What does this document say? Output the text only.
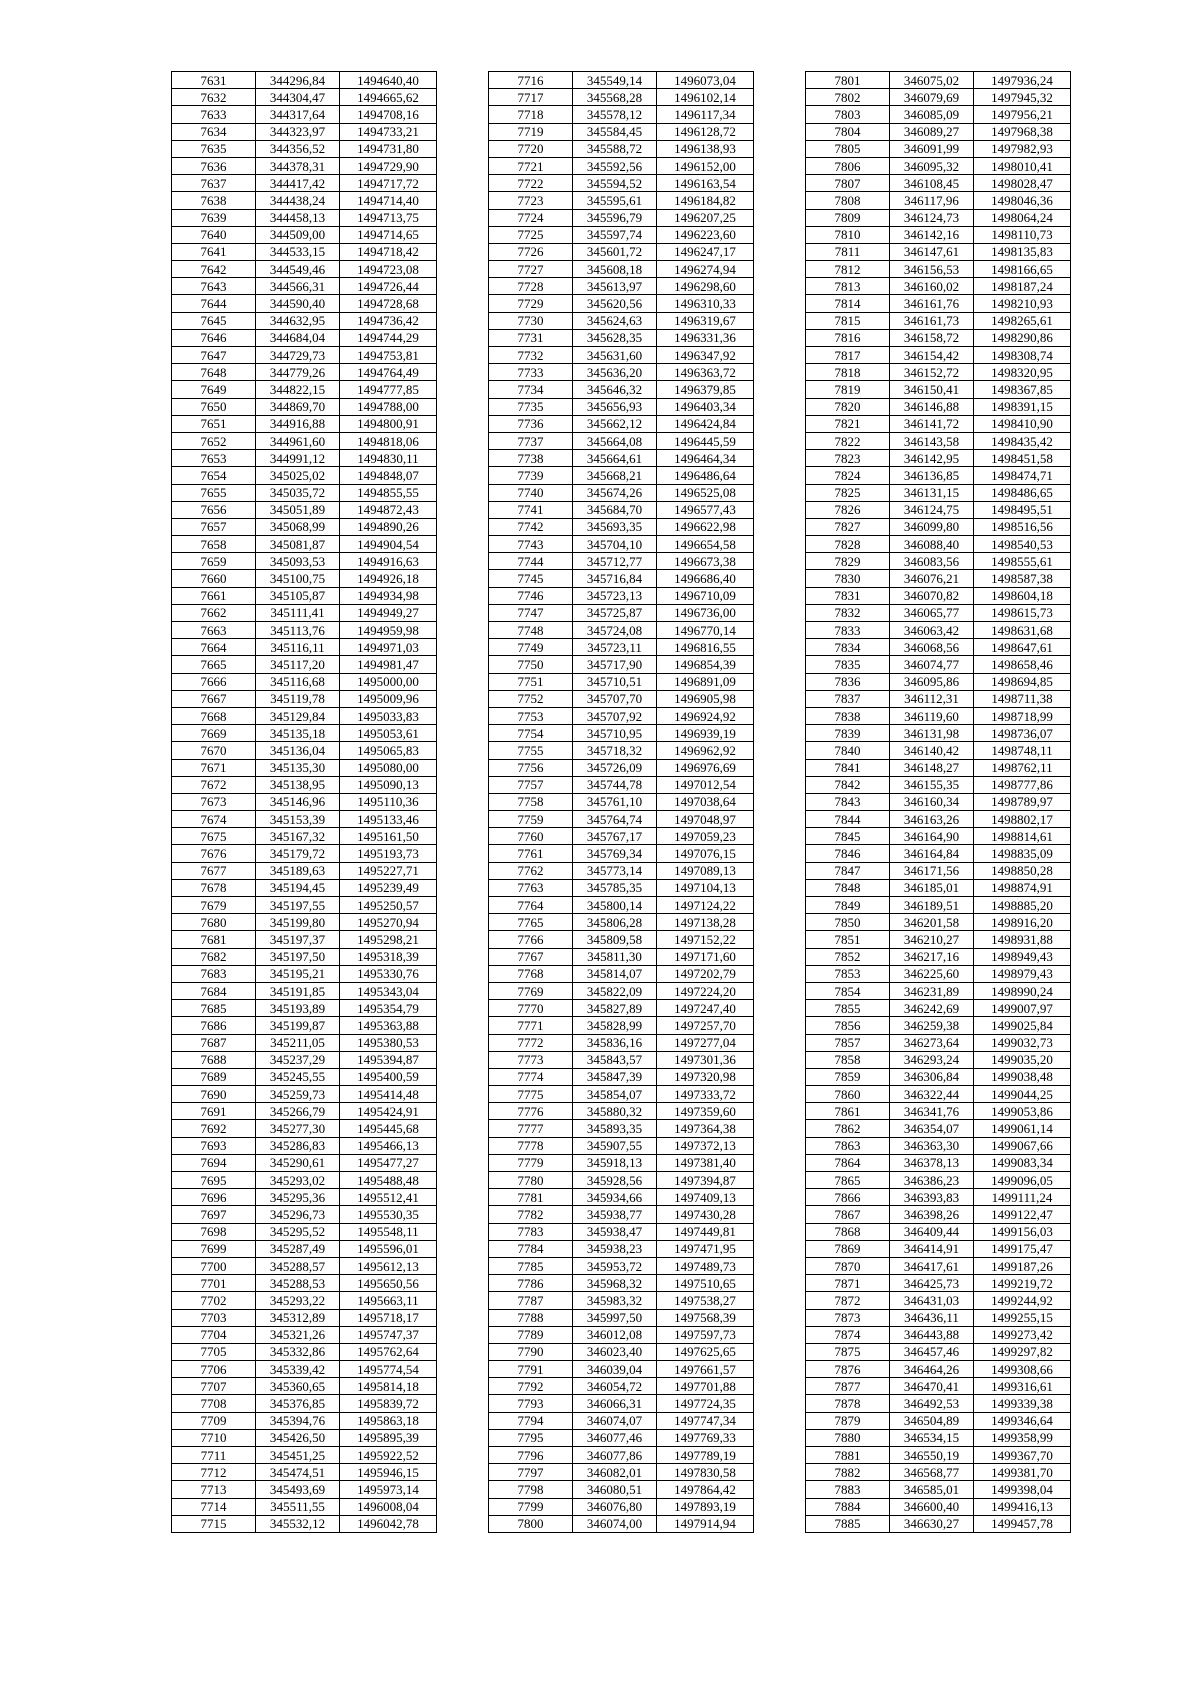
7631	344296,84	1494640,40
7632	344304,47	1494665,62
7633	344317,64	1494708,16
7634	344323,97	1494733,21
7635	344356,52	1494731,80
7636	344378,31	1494729,90
7637	344417,42	1494717,72
7638	344438,24	1494714,40
7639	344458,13	1494713,75
7640	344509,00	1494714,65
7641	344533,15	1494718,42
7642	344549,46	1494723,08
7643	344566,31	1494726,44
7644	344590,40	1494728,68
7645	344632,95	1494736,42
7646	344684,04	1494744,29
7647	344729,73	1494753,81
7648	344779,26	1494764,49
7649	344822,15	1494777,85
7650	344869,70	1494788,00
7651	344916,88	1494800,91
7652	344961,60	1494818,06
7653	344991,12	1494830,11
7654	345025,02	1494848,07
7655	345035,72	1494855,55
7656	345051,89	1494872,43
7657	345068,99	1494890,26
7658	345081,87	1494904,54
7659	345093,53	1494916,63
7660	345100,75	1494926,18
7661	345105,87	1494934,98
7662	345111,41	1494949,27
7663	345113,76	1494959,98
7664	345116,11	1494971,03
7665	345117,20	1494981,47
7666	345116,68	1495000,00
7667	345119,78	1495009,96
7668	345129,84	1495033,83
7669	345135,18	1495053,61
7670	345136,04	1495065,83
7671	345135,30	1495080,00
7672	345138,95	1495090,13
7673	345146,96	1495110,36
7674	345153,39	1495133,46
7675	345167,32	1495161,50
7676	345179,72	1495193,73
7677	345189,63	1495227,71
7678	345194,45	1495239,49
7679	345197,55	1495250,57
7680	345199,80	1495270,94
7681	345197,37	1495298,21
7682	345197,50	1495318,39
7683	345195,21	1495330,76
7684	345191,85	1495343,04
7685	345193,89	1495354,79
7686	345199,87	1495363,88
7687	345211,05	1495380,53
7688	345237,29	1495394,87
7689	345245,55	1495400,59
7690	345259,73	1495414,48
7691	345266,79	1495424,91
7692	345277,30	1495445,68
7693	345286,83	1495466,13
7694	345290,61	1495477,27
7695	345293,02	1495488,48
7696	345295,36	1495512,41
7697	345296,73	1495530,35
7698	345295,52	1495548,11
7699	345287,49	1495596,01
7700	345288,57	1495612,13
7701	345288,53	1495650,56
7702	345293,22	1495663,11
7703	345312,89	1495718,17
7704	345321,26	1495747,37
7705	345332,86	1495762,64
7706	345339,42	1495774,54
7707	345360,65	1495814,18
7708	345376,85	1495839,72
7709	345394,76	1495863,18
7710	345426,50	1495895,39
7711	345451,25	1495922,52
7712	345474,51	1495946,15
7713	345493,69	1495973,14
7714	345511,55	1496008,04
7715	345532,12	1496042,78
7716	345549,14	1496073,04
7717	345568,28	1496102,14
7718	345578,12	1496117,34
7719	345584,45	1496128,72
7720	345588,72	1496138,93
7721	345592,56	1496152,00
7722	345594,52	1496163,54
7723	345595,61	1496184,82
7724	345596,79	1496207,25
7725	345597,74	1496223,60
7726	345601,72	1496247,17
7727	345608,18	1496274,94
7728	345613,97	1496298,60
7729	345620,56	1496310,33
7730	345624,63	1496319,67
7731	345628,35	1496331,36
7732	345631,60	1496347,92
7733	345636,20	1496363,72
7734	345646,32	1496379,85
7735	345656,93	1496403,34
7736	345662,12	1496424,84
7737	345664,08	1496445,59
7738	345664,61	1496464,34
7739	345668,21	1496486,64
7740	345674,26	1496525,08
7741	345684,70	1496577,43
7742	345693,35	1496622,98
7743	345704,10	1496654,58
7744	345712,77	1496673,38
7745	345716,84	1496686,40
7746	345723,13	1496710,09
7747	345725,87	1496736,00
7748	345724,08	1496770,14
7749	345723,11	1496816,55
7750	345717,90	1496854,39
7751	345710,51	1496891,09
7752	345707,70	1496905,98
7753	345707,92	1496924,92
7754	345710,95	1496939,19
7755	345718,32	1496962,92
7756	345726,09	1496976,69
7757	345744,78	1497012,54
7758	345761,10	1497038,64
7759	345764,74	1497048,97
7760	345767,17	1497059,23
7761	345769,34	1497076,15
7762	345773,14	1497089,13
7763	345785,35	1497104,13
7764	345800,14	1497124,22
7765	345806,28	1497138,28
7766	345809,58	1497152,22
7767	345811,30	1497171,60
7768	345814,07	1497202,79
7769	345822,09	1497224,20
7770	345827,89	1497247,40
7771	345828,99	1497257,70
7772	345836,16	1497277,04
7773	345843,57	1497301,36
7774	345847,39	1497320,98
7775	345854,07	1497333,72
7776	345880,32	1497359,60
7777	345893,35	1497364,38
7778	345907,55	1497372,13
7779	345918,13	1497381,40
7780	345928,56	1497394,87
7781	345934,66	1497409,13
7782	345938,77	1497430,28
7783	345938,47	1497449,81
7784	345938,23	1497471,95
7785	345953,72	1497489,73
7786	345968,32	1497510,65
7787	345983,32	1497538,27
7788	345997,50	1497568,39
7789	346012,08	1497597,73
7790	346023,40	1497625,65
7791	346039,04	1497661,57
7792	346054,72	1497701,88
7793	346066,31	1497724,35
7794	346074,07	1497747,34
7795	346077,46	1497769,33
7796	346077,86	1497789,19
7797	346082,01	1497830,58
7798	346080,51	1497864,42
7799	346076,80	1497893,19
7800	346074,00	1497914,94
7801	346075,02	1497936,24
7802	346079,69	1497945,32
7803	346085,09	1497956,21
7804	346089,27	1497968,38
7805	346091,99	1497982,93
7806	346095,32	1498010,41
7807	346108,45	1498028,47
7808	346117,96	1498046,36
7809	346124,73	1498064,24
7810	346142,16	1498110,73
7811	346147,61	1498135,83
7812	346156,53	1498166,65
7813	346160,02	1498187,24
7814	346161,76	1498210,93
7815	346161,73	1498265,61
7816	346158,72	1498290,86
7817	346154,42	1498308,74
7818	346152,72	1498320,95
7819	346150,41	1498367,85
7820	346146,88	1498391,15
7821	346141,72	1498410,90
7822	346143,58	1498435,42
7823	346142,95	1498451,58
7824	346136,85	1498474,71
7825	346131,15	1498486,65
7826	346124,75	1498495,51
7827	346099,80	1498516,56
7828	346088,40	1498540,53
7829	346083,56	1498555,61
7830	346076,21	1498587,38
7831	346070,82	1498604,18
7832	346065,77	1498615,73
7833	346063,42	1498631,68
7834	346068,56	1498647,61
7835	346074,77	1498658,46
7836	346095,86	1498694,85
7837	346112,31	1498711,38
7838	346119,60	1498718,99
7839	346131,98	1498736,07
7840	346140,42	1498748,11
7841	346148,27	1498762,11
7842	346155,35	1498777,86
7843	346160,34	1498789,97
7844	346163,26	1498802,17
7845	346164,90	1498814,61
7846	346164,84	1498835,09
7847	346171,56	1498850,28
7848	346185,01	1498874,91
7849	346189,51	1498885,20
7850	346201,58	1498916,20
7851	346210,27	1498931,88
7852	346217,16	1498949,43
7853	346225,60	1498979,43
7854	346231,89	1498990,24
7855	346242,69	1499007,97
7856	346259,38	1499025,84
7857	346273,64	1499032,73
7858	346293,24	1499035,20
7859	346306,84	1499038,48
7860	346322,44	1499044,25
7861	346341,76	1499053,86
7862	346354,07	1499061,14
7863	346363,30	1499067,66
7864	346378,13	1499083,34
7865	346386,23	1499096,05
7866	346393,83	1499111,24
7867	346398,26	1499122,47
7868	346409,44	1499156,03
7869	346414,91	1499175,47
7870	346417,61	1499187,26
7871	346425,73	1499219,72
7872	346431,03	1499244,92
7873	346436,11	1499255,15
7874	346443,88	1499273,42
7875	346457,46	1499297,82
7876	346464,26	1499308,66
7877	346470,41	1499316,61
7878	346492,53	1499339,38
7879	346504,89	1499346,64
7880	346534,15	1499358,99
7881	346550,19	1499367,70
7882	346568,77	1499381,70
7883	346585,01	1499398,04
7884	346600,40	1499416,13
7885	346630,27	1499457,78
